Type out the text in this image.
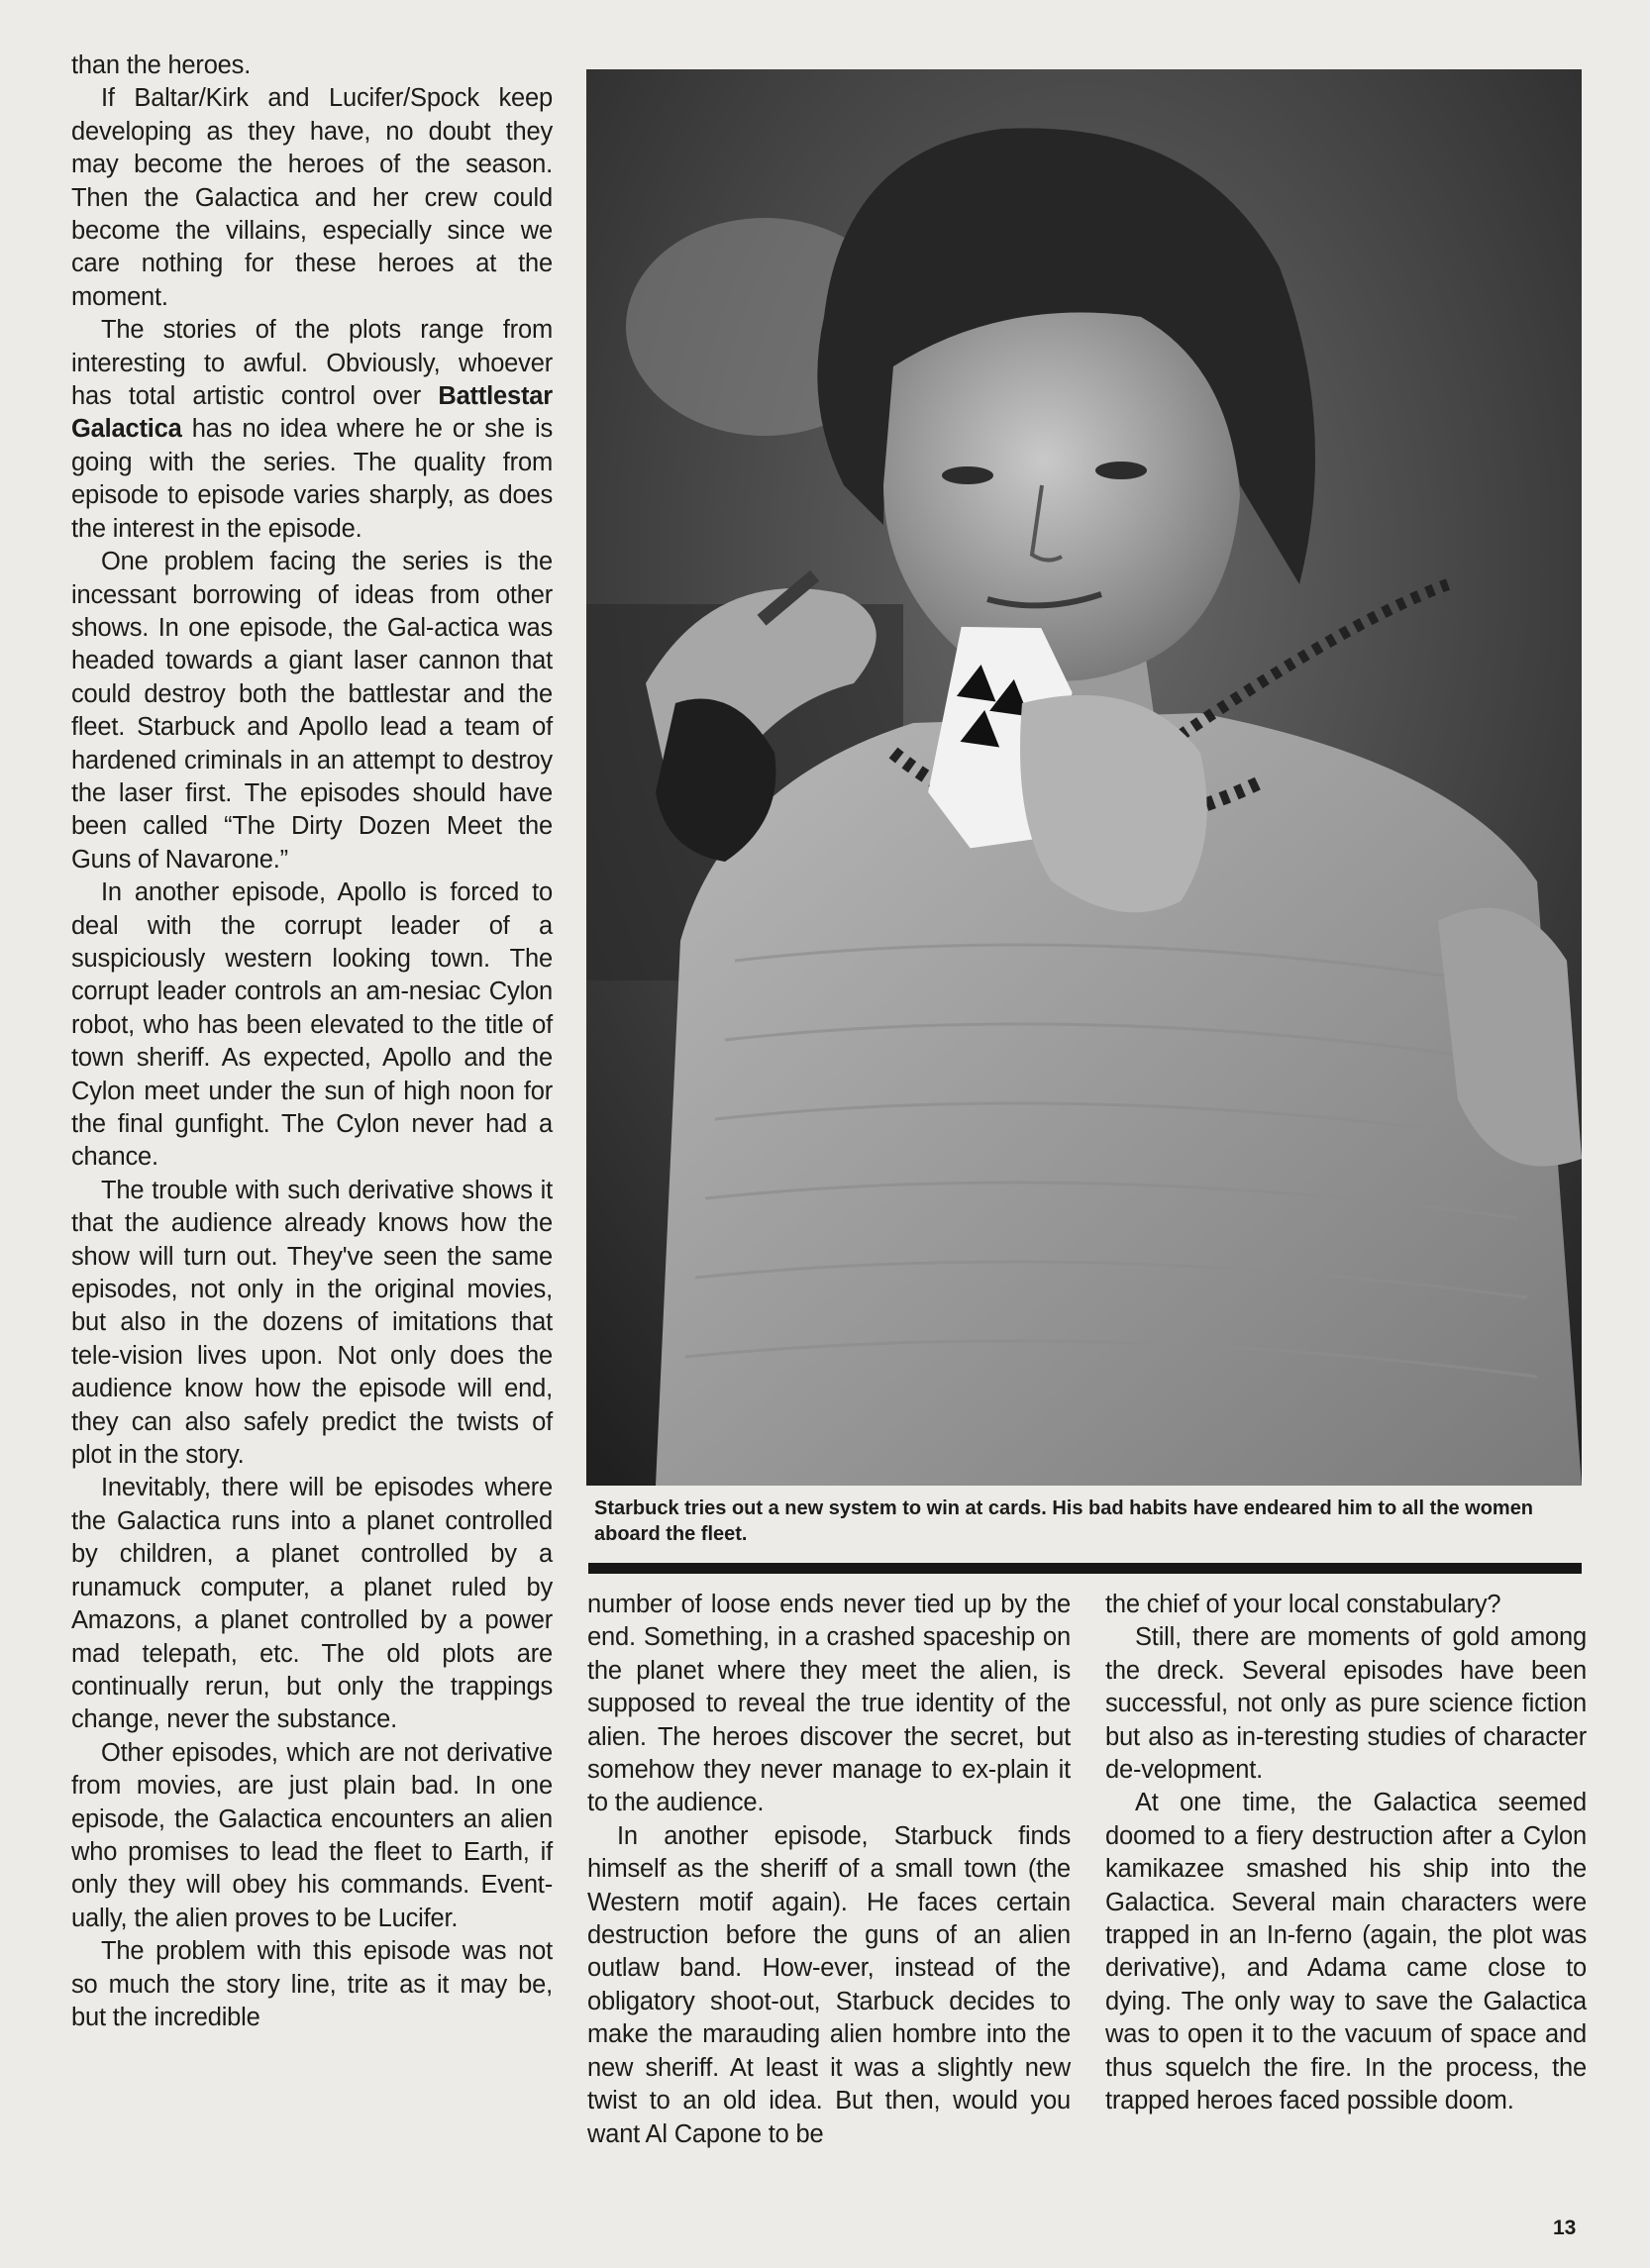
than the heroes.

If Baltar/Kirk and Lucifer/Spock keep developing as they have, no doubt they may become the heroes of the season. Then the Galactica and her crew could become the villains, especially since we care nothing for these heroes at the moment.

The stories of the plots range from interesting to awful. Obviously, whoever has total artistic control over Battlestar Galactica has no idea where he or she is going with the series. The quality from episode to episode varies sharply, as does the interest in the episode.

One problem facing the series is the incessant borrowing of ideas from other shows. In one episode, the Gal-actica was headed towards a giant laser cannon that could destroy both the battlestar and the fleet. Starbuck and Apollo lead a team of hardened criminals in an attempt to destroy the laser first. The episodes should have been called “The Dirty Dozen Meet the Guns of Navarone.”

In another episode, Apollo is forced to deal with the corrupt leader of a suspiciously western looking town. The corrupt leader controls an am-nesiac Cylon robot, who has been elevated to the title of town sheriff. As expected, Apollo and the Cylon meet under the sun of high noon for the final gunfight. The Cylon never had a chance.

The trouble with such derivative shows it that the audience already knows how the show will turn out. They've seen the same episodes, not only in the original movies, but also in the dozens of imitations that tele-vision lives upon. Not only does the audience know how the episode will end, they can also safely predict the twists of plot in the story.

Inevitably, there will be episodes where the Galactica runs into a planet controlled by children, a planet controlled by a runamuck computer, a planet ruled by Amazons, a planet controlled by a power mad telepath, etc. The old plots are continually rerun, but only the trappings change, never the substance.

Other episodes, which are not derivative from movies, are just plain bad. In one episode, the Galactica encounters an alien who promises to lead the fleet to Earth, if only they will obey his commands. Event-ually, the alien proves to be Lucifer.

The problem with this episode was not so much the story line, trite as it may be, but the incredible

Starbuck tries out a new system to win at cards. His bad habits have endeared him to all the women aboard the fleet.

number of loose ends never tied up by the end. Something, in a crashed spaceship on the planet where they meet the alien, is supposed to reveal the true identity of the alien. The heroes discover the secret, but somehow they never manage to ex-plain it to the audience.

In another episode, Starbuck finds himself as the sheriff of a small town (the Western motif again). He faces certain destruction before the guns of an alien outlaw band. How-ever, instead of the obligatory shoot-out, Starbuck decides to make the marauding alien hombre into the new sheriff. At least it was a slightly new twist to an old idea. But then, would you want Al Capone to be

the chief of your local constabulary?

Still, there are moments of gold among the dreck. Several episodes have been successful, not only as pure science fiction but also as in-teresting studies of character de-velopment.

At one time, the Galactica seemed doomed to a fiery destruction after a Cylon kamikazee smashed his ship into the Galactica. Several main characters were trapped in an In-ferno (again, the plot was derivative), and Adama came close to dying. The only way to save the Galactica was to open it to the vacuum of space and thus squelch the fire. In the process, the trapped heroes faced possible doom.

13
